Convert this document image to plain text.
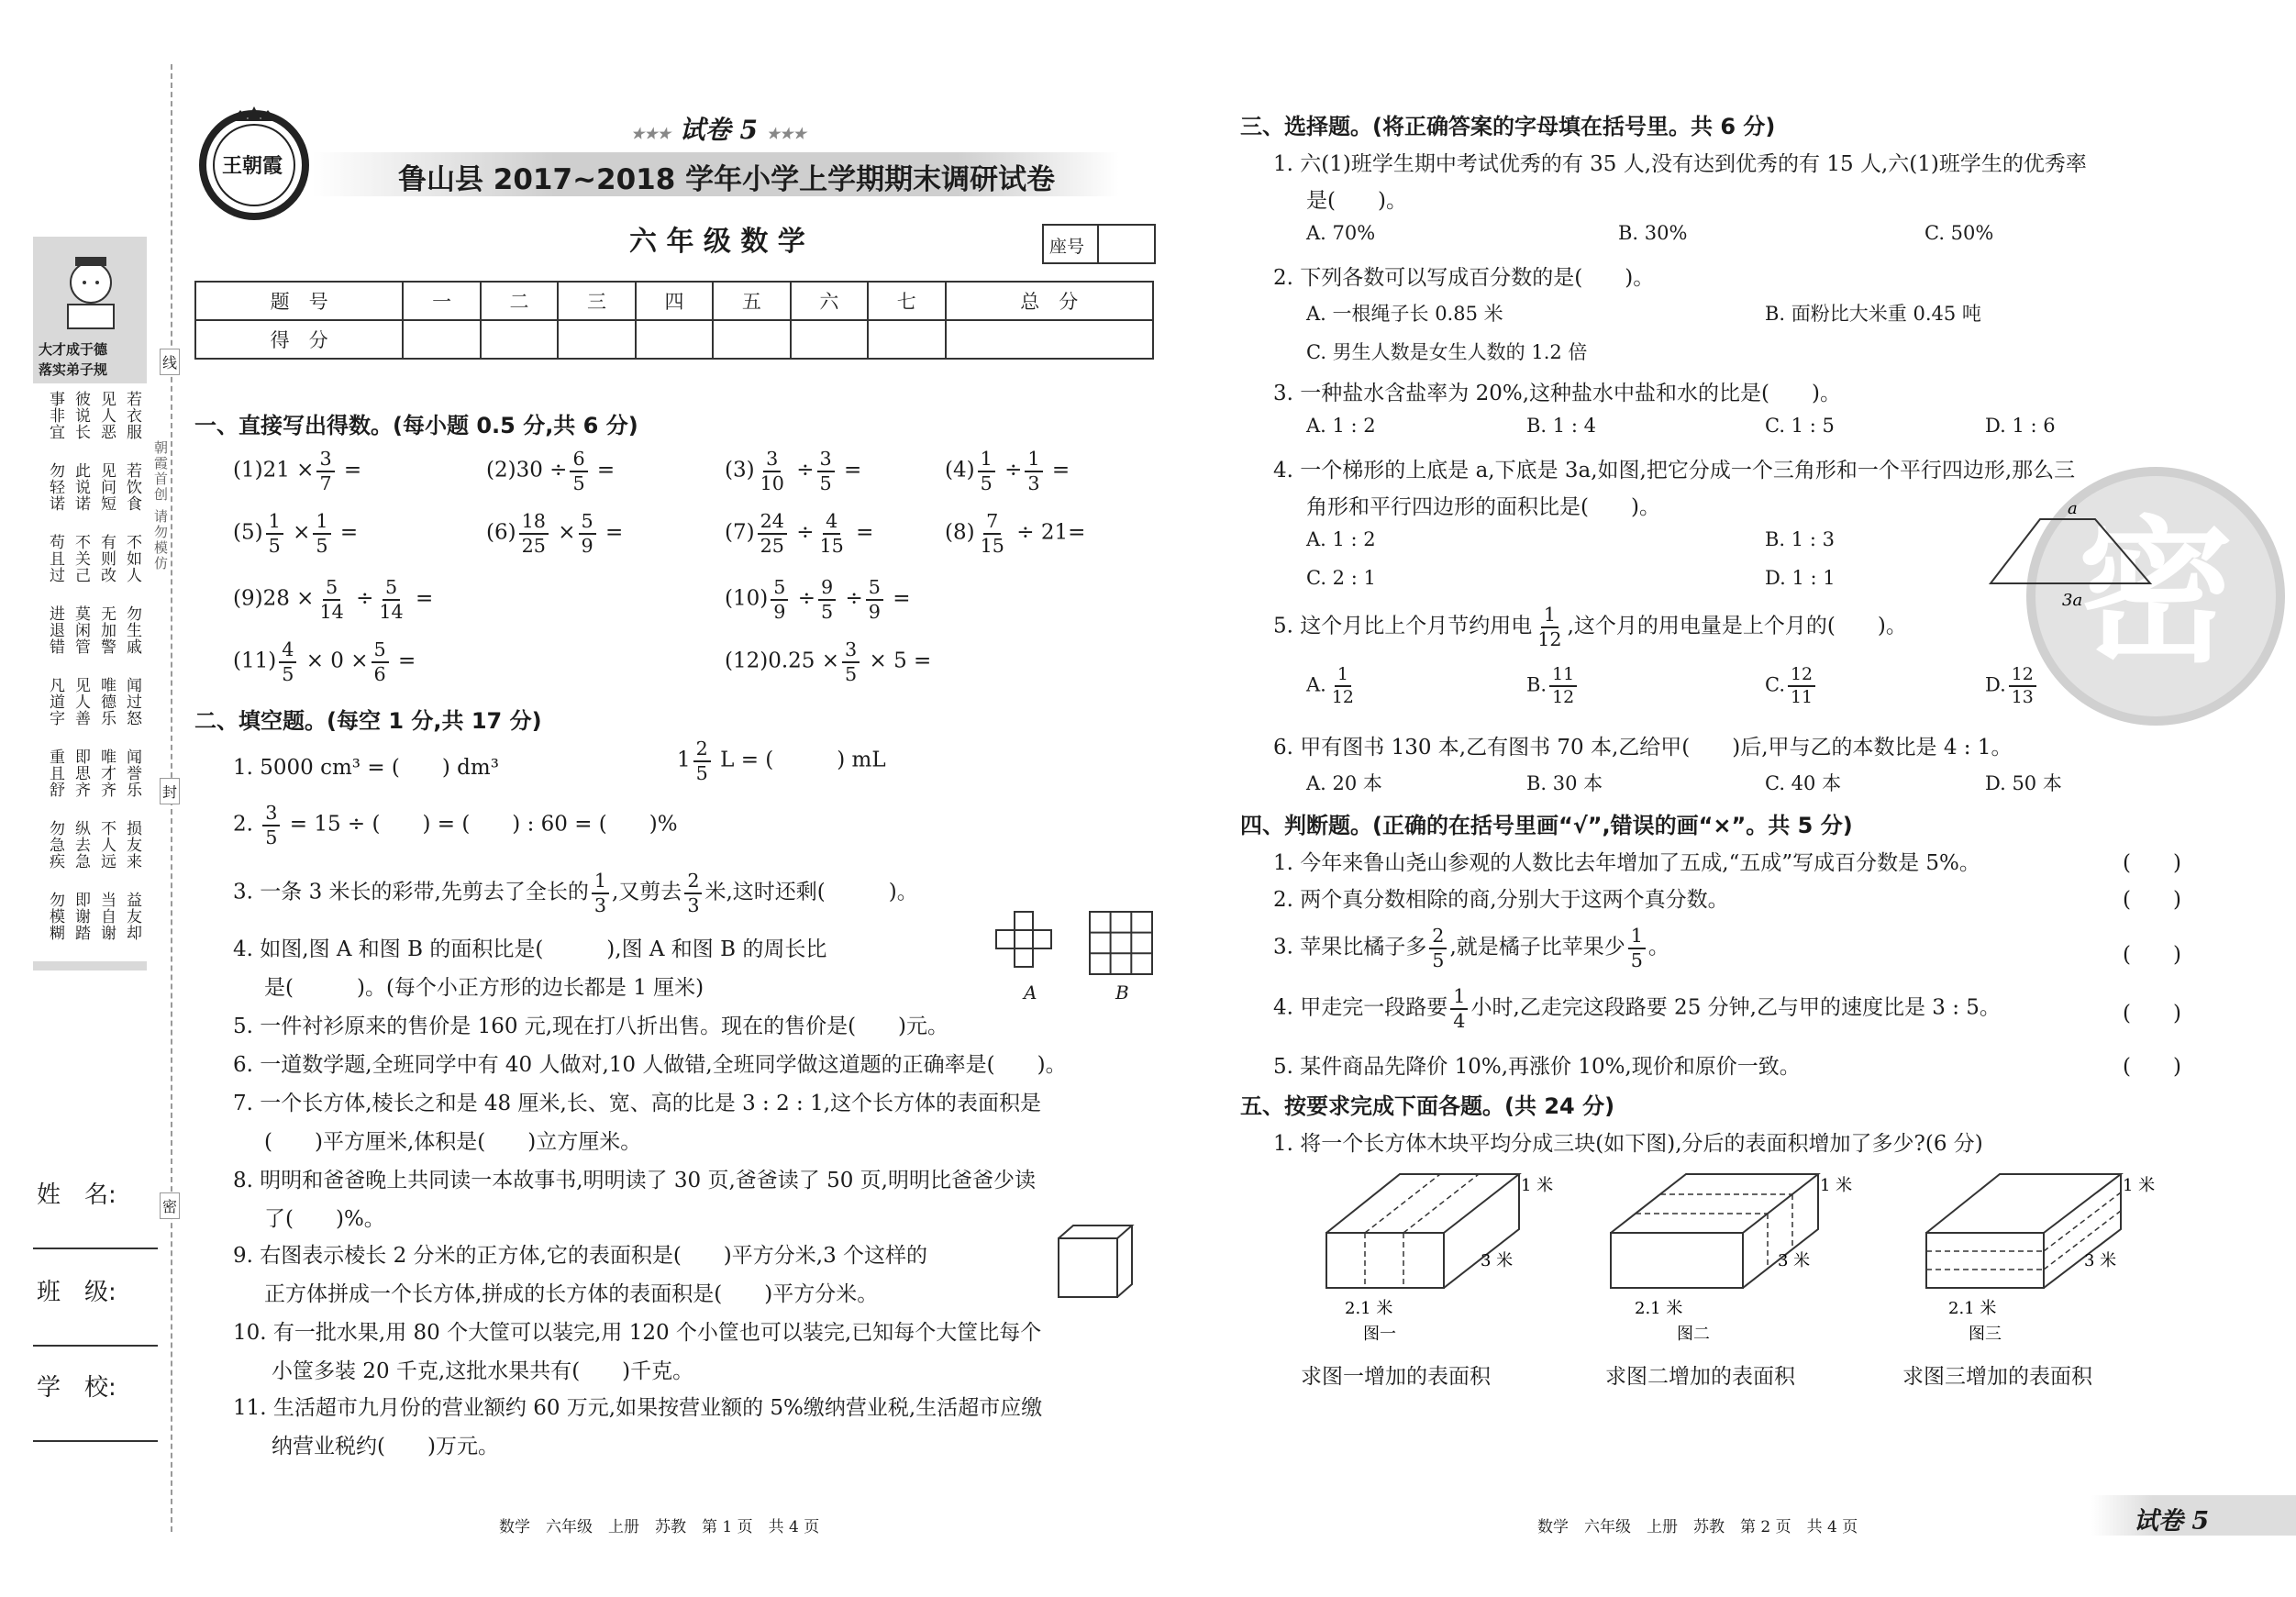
大才成于德
落实弟子规
若衣服
见人恶
彼说长
事非宜
若饮食
见问短
此说诺
勿轻诺
不如人
有则改
不关己
苟且过
勿生戚
无加警
莫闲管
进退错
闻过怒
唯德乐
见人善
凡道字
闻誉乐
唯才齐
即思齐
重且舒
损友来
不人远
纵去急
勿急疾
益友却
当自谢
即谢踏
勿模糊
朝霞首创 请勿模仿
线
封
密
姓　名:
班　级:
学　校:
王朝霞
★★★ 试卷 5 ★★★
鲁山县 2017~2018 学年小学上学期期末调研试卷
六 年 级 数 学	座号
题　号	一	二	三	四	五	六	七	总　分
得　分								
一、直接写出得数。(每小题 0.5 分,共 6 分)
$(1)21 \times \frac{3}{7}$ =	$(2)30 \div \frac{6}{5}$ =	$(3) \frac{3}{10} \div \frac{3}{5}$ =	$(4) \frac{1}{5} \div \frac{1}{3}$ =
$(5) \frac{1}{5} \times \frac{1}{5}$ =	$(6) \frac{18}{25} \times \frac{5}{9}$ =	$(7) \frac{24}{25} \div \frac{4}{15}$ =	$(8) \frac{7}{15} \div 21=$
$(9)28 \times \frac{5}{14} \div \frac{5}{14}$ =	$(10) \frac{5}{9} \div \frac{9}{5} \div \frac{5}{9}$ =
$(11) \frac{4}{5} \times 0 \times \frac{5}{6}$ =	$(12)0.25 \times \frac{3}{5} \times 5$ =
二、填空题。(每空 1 分,共 17 分)
1. 5000 cm³ = (　　) dm³	$1 \frac{2}{5}$ L = (　　　) mL
2. $\frac{3}{5} = 15$ ÷ (　　) = (　　) : 60 = (　　)%
3. 一条 3 米长的彩带,先剪去了全长的 $\frac{1}{3}$ ,又剪去 $\frac{2}{3}$ 米,这时还剩(　　　)。
4. 如图,图 A 和图 B 的面积比是(　　　),图 A 和图 B 的周长比
是(　　　)。(每个小正方形的边长都是 1 厘米)	A	B
5. 一件衬衫原来的售价是 160 元,现在打八折出售。现在的售价是(　　)元。
6. 一道数学题,全班同学中有 40 人做对,10 人做错,全班同学做这道题的正确率是(　　)。
7. 一个长方体,棱长之和是 48 厘米,长、宽、高的比是 3 : 2 : 1,这个长方体的表面积是
(　　)平方厘米,体积是(　　)立方厘米。
8. 明明和爸爸晚上共同读一本故事书,明明读了 30 页,爸爸读了 50 页,明明比爸爸少读
了(　　)%。
9. 右图表示棱长 2 分米的正方体,它的表面积是(　　)平方分米,3 个这样的
正方体拼成一个长方体,拼成的长方体的表面积是(　　)平方分米。
10. 有一批水果,用 80 个大筐可以装完,用 120 个小筐也可以装完,已知每个大筐比每个
小筐多装 20 千克,这批水果共有(　　)千克。
11. 生活超市九月份的营业额约 60 万元,如果按营业额的 5%缴纳营业税,生活超市应缴
纳营业税约(　　)万元。
数学　六年级　上册　苏教　第 1 页　共 4 页
密
三、选择题。(将正确答案的字母填在括号里。共 6 分)
1. 六(1)班学生期中考试优秀的有 35 人,没有达到优秀的有 15 人,六(1)班学生的优秀率
是(　　)。
A. 70%	B. 30%	C. 50%
2. 下列各数可以写成百分数的是(　　)。
A. 一根绳子长 0.85 米	B. 面粉比大米重 0.45 吨
C. 男生人数是女生人数的 1.2 倍
3. 一种盐水含盐率为 20%,这种盐水中盐和水的比是(　　)。
A. 1 : 2	B. 1 : 4	C. 1 : 5	D. 1 : 6
4. 一个梯形的上底是 a,下底是 3a,如图,把它分成一个三角形和一个平行四边形,那么三
角形和平行四边形的面积比是(　　)。
A. 1 : 2	B. 1 : 3
C. 2 : 1	D. 1 : 1
a
3a
5. 这个月比上个月节约用电 $\frac{1}{12}$ ,这个月的用电量是上个月的(　　)。
A. $\frac{1}{12}$	B. $\frac{11}{12}$	C. $\frac{12}{11}$	D. $\frac{12}{13}$
6. 甲有图书 130 本,乙有图书 70 本,乙给甲(　　)后,甲与乙的本数比是 4 : 1。
A. 20 本	B. 30 本	C. 40 本	D. 50 本
四、判断题。(正确的在括号里画“√”,错误的画“×”。共 5 分)
1. 今年来鲁山尧山参观的人数比去年增加了五成,“五成”写成百分数是 5%。	(　　)
2. 两个真分数相除的商,分别大于这两个真分数。	(　　)
3. 苹果比橘子多 $\frac{2}{5}$ ,就是橘子比苹果少 $\frac{1}{5}$ 。	(　　)
4. 甲走完一段路要 $\frac{1}{4}$ 小时,乙走完这段路要 25 分钟,乙与甲的速度比是 3 : 5。	(　　)
5. 某件商品先降价 10%,再涨价 10%,现价和原价一致。	(　　)
五、按要求完成下面各题。(共 24 分)
1. 将一个长方体木块平均分成三块(如下图),分后的表面积增加了多少?(6 分)
1 米
3 米
2.1 米
图一
1 米
3 米
2.1 米
图二
1 米
3 米
2.1 米
图三
求图一增加的表面积	求图二增加的表面积	求图三增加的表面积
数学　六年级　上册　苏教　第 2 页　共 4 页	试卷 5
